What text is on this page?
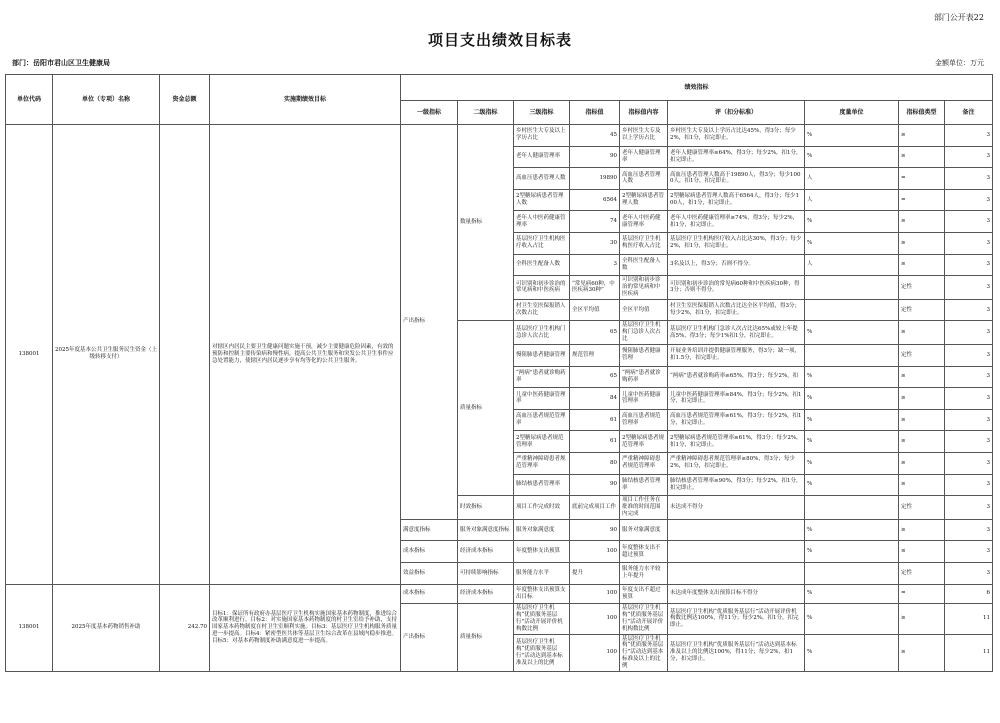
部门公开表22
项目支出绩效目标表
部门：岳阳市君山区卫生健康局	金额单位：万元
单位代码	单位（专项）名称	资金总额	实施期绩效目标	绩效指标								
				一级指标	二级指标	三级指标	指标值	指标值内容	评（扣分标准）	度量单位	指标值类型	备注
138001	2025年度基本公共卫生服务民生资金（上级转移支付）		对辖区内居民主要卫生健康问题实施干预，减少主要健康危险因素，有效的预防和控制主要传染病和慢性病，提高公共卫生服务和突发公共卫生事件应急处置能力，使辖区内居民逐步享有均等化的公共卫生服务。	产出指标	数量指标	乡村医生大专及以上学历占比	45	乡村医生大专及以上学历占比	乡村医生大专及以上学历占比达45%，得3分；每少2%，扣1分，扣完即止。	%	≥	3
						老年人健康管理率	90	老年人健康管理率	老年人健康管理率≥64%，得3分；每少2%，扣1分，扣完即止。	%	≥	3
						高血压患者管理人数	19890	高血压患者管理人数	高血压患者管理人数高于19890人，得3分；每少1000人，扣1分，扣完即止。	人	=	3
						2型糖尿病患者管理人数	6564	2型糖尿病患者管理人数	2型糖尿病患者管理人数高于6564人，得3分；每少100人，扣1分，扣完即止。	人	=	3
						老年人中医药健康管理率	74	老年人中医药健康管理率	老年人中医药健康管理率≥74%，得3分；每少2%，扣1分，扣完即止。	%	≥	3
						基层医疗卫生机构医疗收入占比	30	基层医疗卫生机构医疗收入占比	基层医疗卫生机构医疗收入占比达30%，得3分；每少2%，扣1分，扣完即止。	%	≥	3
						全科医生配备人数	3	全科医生配备人数	3名及以上，得3分；否则不得分。	人	≥	3
						可识别和初步诊治的常见病和中医疾病	“常见病60种，中医疾病30种”	可识别和初步诊治的常见病和中医疾病	可识别和初步诊治的常见病60种和中医疾病30种，得3分；否则不得分。		定性	3
						村卫生室医保报销人次数占比	全区平均值	全区平均值	村卫生室医保报销人次数占比达全区平均值，得3分；每少2%，扣1分，扣完即止。		定性	3
					质量指标	基层医疗卫生机构门急诊人次占比	65	基层医疗卫生机构门急诊人次占比	基层医疗卫生机构门急诊人次占比达65%或较上年提高5%，得3分；每少1%扣1分，扣完即止。	%	≥	3
						慢阻肺患者健康管理	规范管理	慢阻肺患者健康管理	开展业务培训并提供健康管理服务，得3分；缺一项，扣1.5分，扣完即止。		定性	3
						“两病”患者就诊购药率	65	“两病”患者就诊购药率	“两病”患者就诊购药率≥65%，得3分；每少2%，扣	%	≥	3
						儿童中医药健康管理率	84	儿童中医药健康管理率	儿童中医药健康管理率≥84%，得3分；每少2%，扣1分，扣完即止。	%	≥	3
						高血压患者规范管理率	61	高血压患者规范管理率	高血压患者规范管理率≥61%，得3分；每少2%，扣1分，扣完即止。	%	≥	3
						2型糖尿病患者规范管理率	61	2型糖尿病患者规范管理率	2型糖尿病患者规范管理率≥61%，得3分；每少2%，扣1分，扣完即止。	%	≥	3
						严重精神障碍患者规范管理率	80	严重精神障碍患者规范管理率	严重精神障碍患者规范管理率≥80%，得3分；每少2%，扣1分，扣完即止。	%	≥	3
						肺结核患者管理率	90	肺结核患者管理率	肺结核患者管理率≥90%，得3分；每少2%，扣1分，扣完即止。	%	≥	3
					时效指标	项目工作完成时效	底前完成项目工作	项目工作任务在批准的时间范围内完成	未达成不得分		定性	3
				满意度指标	服务对象满意度指标	服务对象满意度	90	服务对象满意度		%	≥	3
				成本指标	经济成本指标	年度整体支出预算	100	年度整体支出不超过预算		%	≤	3
				效益指标	可持续影响指标	服务能力水平	提升	服务能力水平较上年提升			定性	3
138001	2025年度基本药物销售补助	242.70	目标1：保证所有政府办基层医疗卫生机构实施国家基本药物制度，推进综合改革顺利进行。目标2：对实施国家基本药物制度的村卫生室给予补助，支持国家基本药物制度在村卫生室顺利实施。目标3：基层医疗卫生机构服务质量进一步提高。目标4：紧密型医共体等基层卫生综合改革在县域内稳步推进。目标5：对基本药物制度补助满意度进一步提高。	成本指标	经济成本指标	年度整体支出预算支出目标	100	年度支出不超过预算	未达成年度整体支出预算目标不得分	%	=	6
				产出指标	质量指标	基层医疗卫生机构“优质服务基层行”活动开展评价机构数比例	100	基层医疗卫生机构“优质服务基层行”活动开展评价机构数比例	基层医疗卫生机构“优质服务基层行”活动开展评价机构数比例达100%，得11分；每少2%，扣1分，扣完即止。	%	≥	11
						基层医疗卫生机构“优质服务基层行”活动达到基本标准及以上的比例	100	基层医疗卫生机构“优质服务基层行”活动达到基本标准及以上的比例	基层医疗卫生机构“优质服务基层行”活动达到基本标准及以上的比例达100%，得11分；每少2%，扣1分，扣完即止。	%	≥	11
